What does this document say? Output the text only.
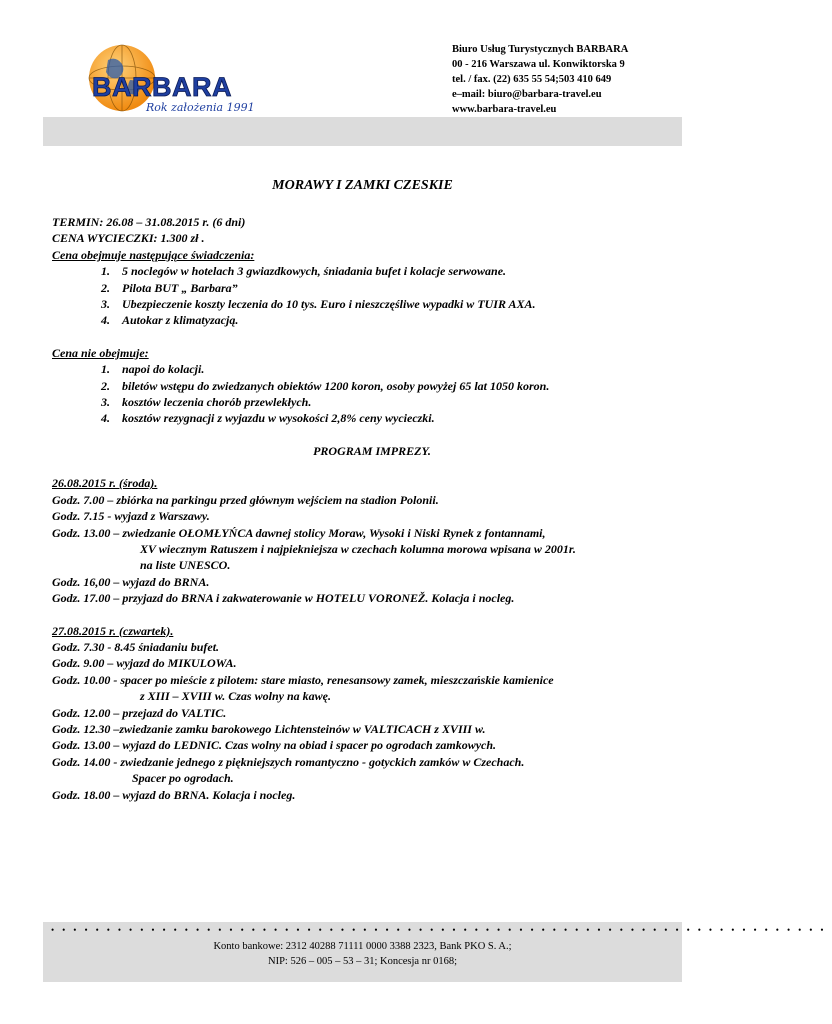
BARBARA
Rok założenia 1991
Biuro Usług Turystycznych BARBARA
00 - 216 Warszawa ul. Konwiktorska 9
tel. / fax. (22) 635 55 54;503 410 649
e–mail: biuro@barbara-travel.eu
www.barbara-travel.eu
MORAWY I ZAMKI CZESKIE

TERMIN: 26.08 – 31.08.2015 r. (6 dni)

CENA WYCIECZKI: 1.300 zł .

Cena obejmuje następujące świadczenia:

1. 5 noclegów w hotelach 3 gwiazdkowych, śniadania bufet i kolacje serwowane.
2. Pilota BUT „ Barbara”
3. Ubezpieczenie koszty leczenia do 10 tys. Euro i nieszczęśliwe wypadki w TUIR AXA.
4. Autokar z klimatyzacją.

Cena nie obejmuje:

1. napoi do kolacji.
2. biletów wstępu do zwiedzanych obiektów 1200 koron, osoby powyżej 65 lat 1050 koron.
3. kosztów leczenia chorób przewlekłych.
4. kosztów rezygnacji z wyjazdu w wysokości 2,8% ceny wycieczki.

PROGRAM IMPREZY.

26.08.2015 r. (środa).

Godz. 7.00 – zbiórka na parkingu przed głównym wejściem na stadion Polonii.

Godz. 7.15 - wyjazd z Warszawy.

Godz. 13.00 – zwiedzanie OŁOMŁYŃCA dawnej stolicy Moraw, Wysoki i Niski Rynek z fontannami,

XV wiecznym Ratuszem i najpiekniejsza w czechach kolumna morowa wpisana w 2001r.

na liste UNESCO.

Godz. 16,00 – wyjazd do BRNA.

Godz. 17.00 – przyjazd do BRNA i zakwaterowanie w HOTELU VORONEŽ. Kolacja i nocleg.

27.08.2015 r. (czwartek).

Godz. 7.30 - 8.45 śniadaniu bufet.

Godz. 9.00 – wyjazd do MIKULOWA.

Godz. 10.00 - spacer po mieście z pilotem: stare miasto, renesansowy zamek, mieszczańskie kamienice

z XIII – XVIII w. Czas wolny na kawę.

Godz. 12.00 – przejazd do VALTIC.

Godz. 12.30 –zwiedzanie zamku barokowego Lichtensteinów w VALTICACH z XVIII w.

Godz. 13.00 – wyjazd do LEDNIC. Czas wolny na obiad i spacer po ogrodach zamkowych.

Godz. 14.00 - zwiedzanie jednego z piękniejszych romantyczno - gotyckich zamków w Czechach.

Spacer po ogrodach.

Godz. 18.00 – wyjazd do BRNA. Kolacja i nocleg.

••••••••••••••••••••••••••••••••••••••••••••••••••••••••••••••••••••••
Konto bankowe: 2312 40288 71111 0000 3388 2323, Bank PKO S. A.;
NIP: 526 – 005 – 53 – 31; Koncesja nr 0168;
